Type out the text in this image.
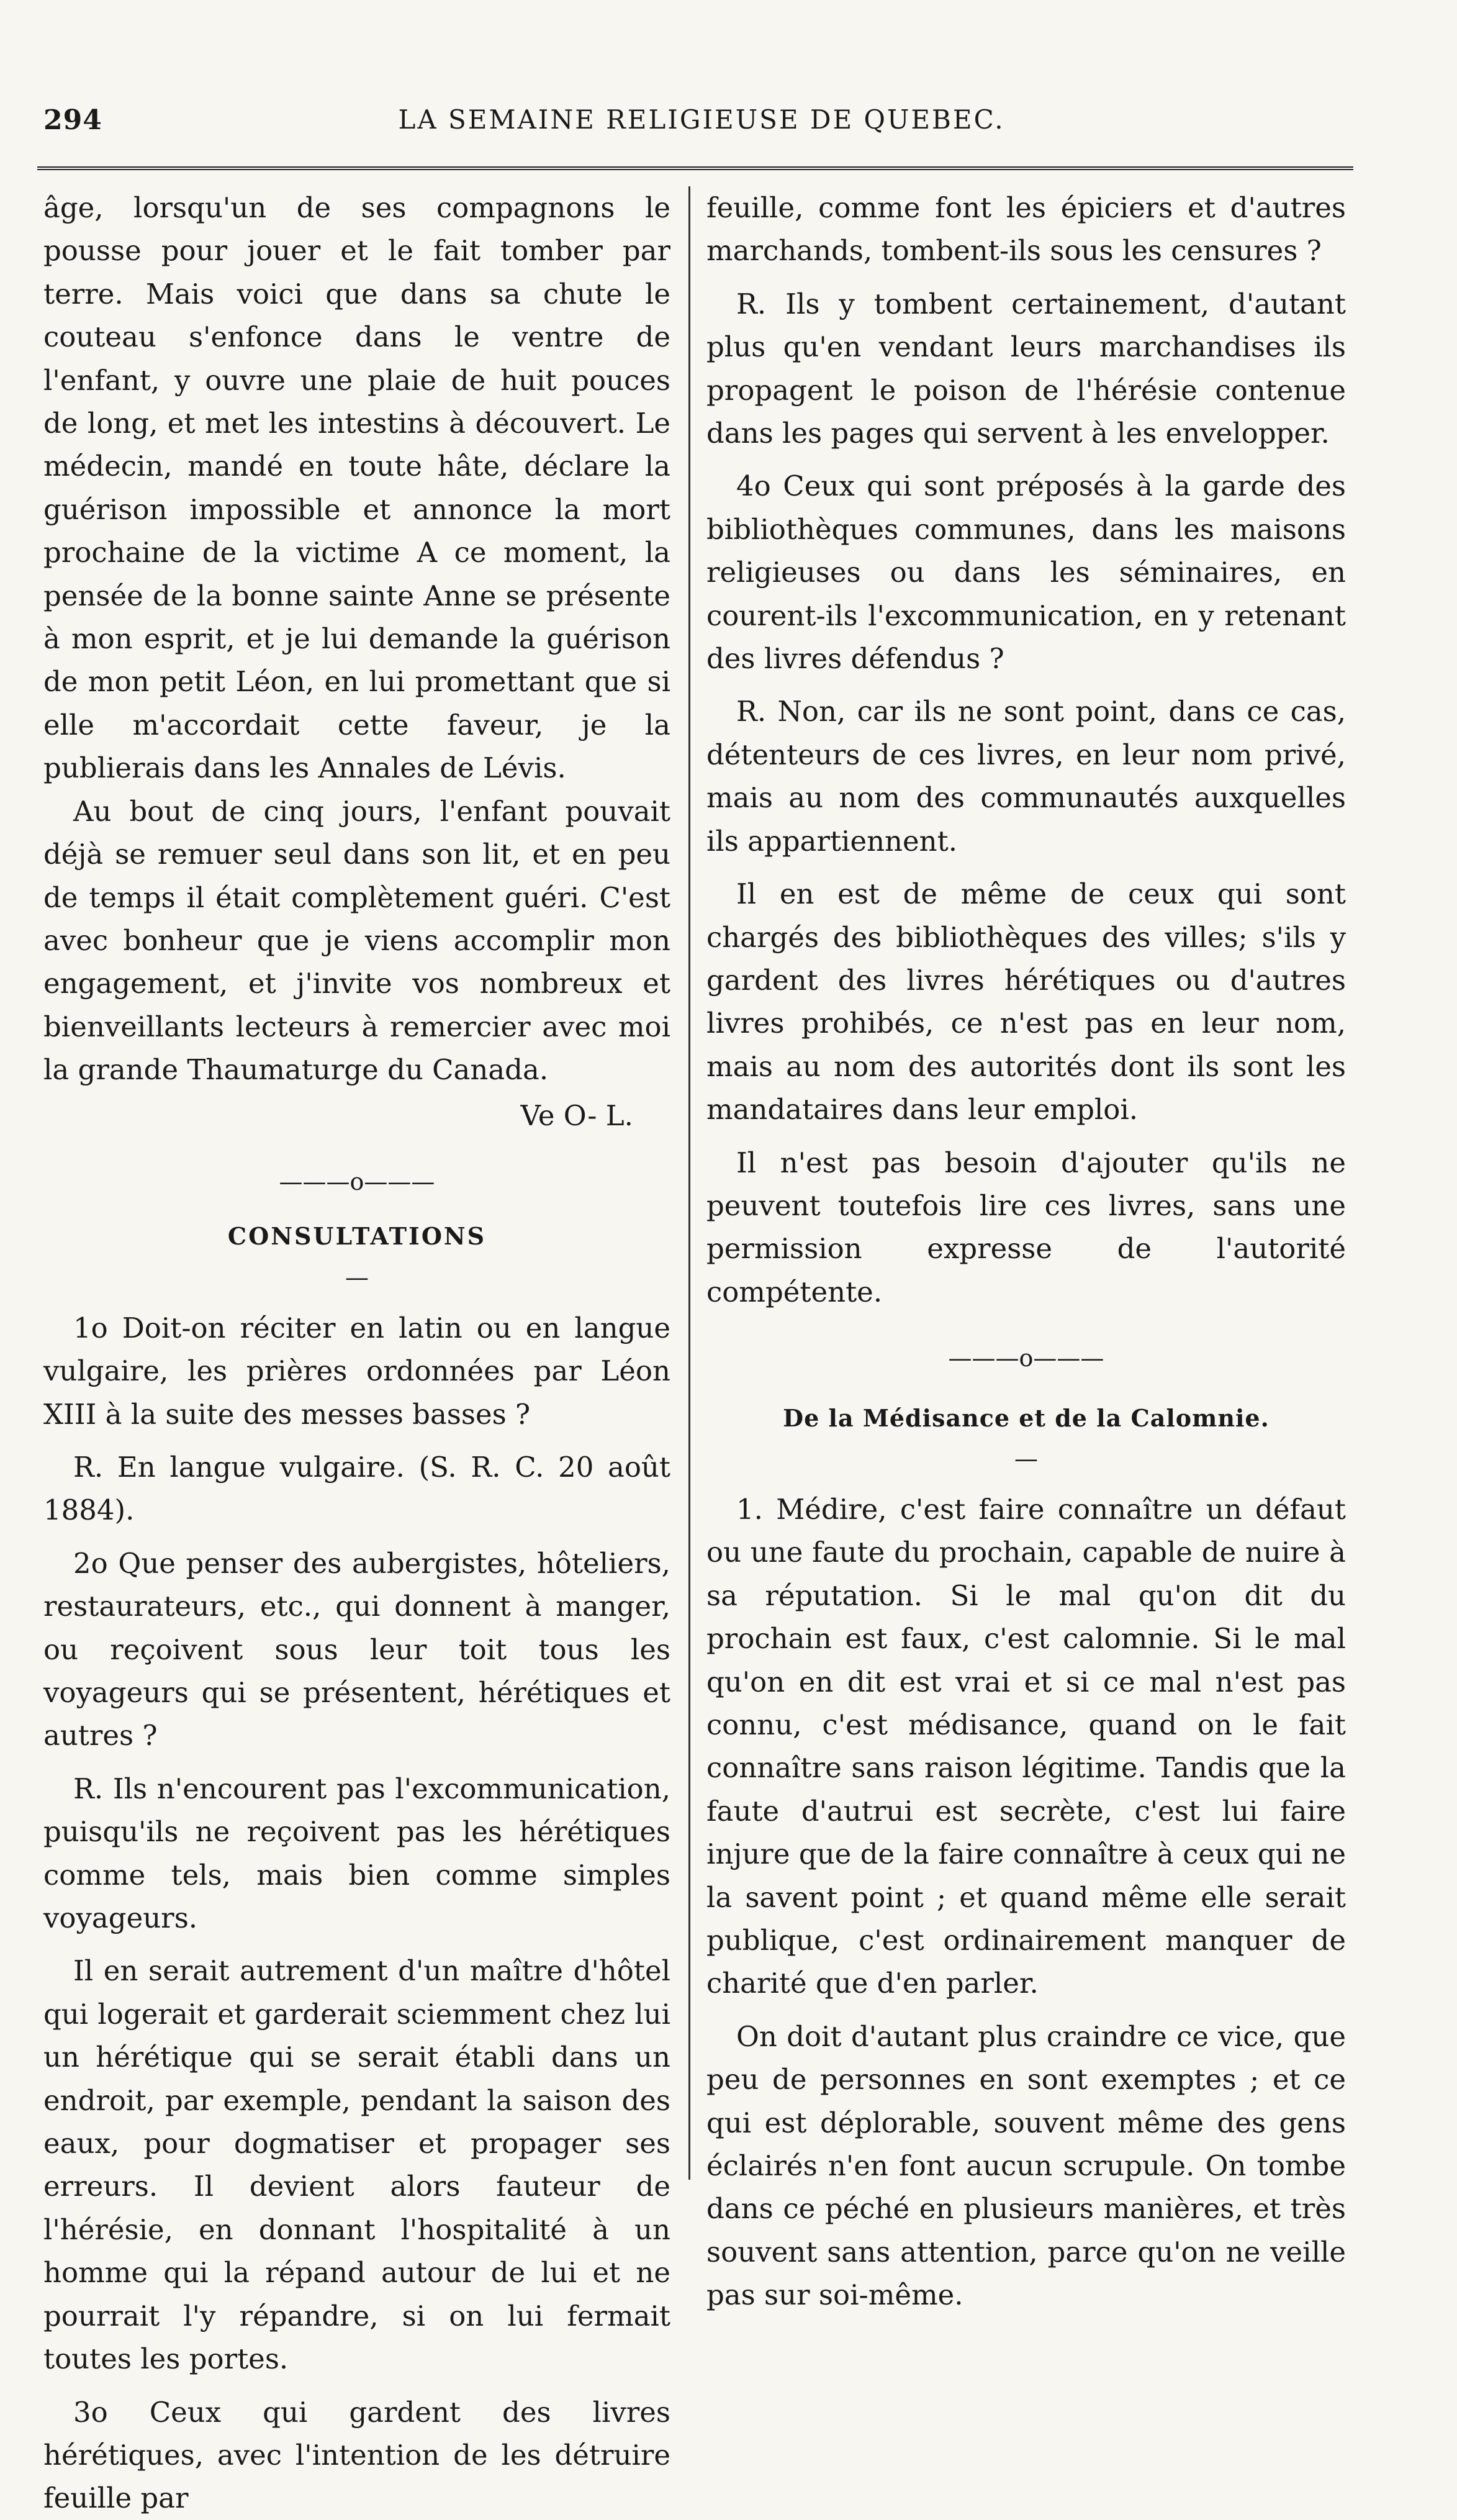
294	LA SEMAINE RELIGIEUSE DE QUEBEC.

âge, lorsqu'un de ses compagnons le pousse pour jouer et le fait tomber par terre. Mais voici que dans sa chute le couteau s'enfonce dans le ventre de l'enfant, y ouvre une plaie de huit pouces de long, et met les intestins à découvert. Le médecin, mandé en toute hâte, déclare la guérison impossible et annonce la mort prochaine de la victime A ce moment, la pensée de la bonne sainte Anne se présente à mon esprit, et je lui demande la guérison de mon petit Léon, en lui promettant que si elle m'accordait cette faveur, je la publierais dans les Annales de Lévis.

Au bout de cinq jours, l'enfant pouvait déjà se remuer seul dans son lit, et en peu de temps il était complètement guéri. C'est avec bonheur que je viens accomplir mon engagement, et j'invite vos nombreux et bienveillants lecteurs à remercier avec moi la grande Thaumaturge du Canada.

Ve O- L.
———o———
CONSULTATIONS
—

1o Doit-on réciter en latin ou en langue vulgaire, les prières ordonnées par Léon XIII à la suite des messes basses ?

R. En langue vulgaire. (S. R. C. 20 août 1884).

2o Que penser des aubergistes, hôteliers, restaurateurs, etc., qui donnent à manger, ou reçoivent sous leur toit tous les voyageurs qui se présentent, hérétiques et autres ?

R. Ils n'encourent pas l'excommunication, puisqu'ils ne reçoivent pas les hérétiques comme tels, mais bien comme simples voyageurs.

Il en serait autrement d'un maître d'hôtel qui logerait et garderait sciemment chez lui un hérétique qui se serait établi dans un endroit, par exemple, pendant la saison des eaux, pour dogmatiser et propager ses erreurs. Il devient alors fauteur de l'hérésie, en donnant l'hospitalité à un homme qui la répand autour de lui et ne pourrait l'y répandre, si on lui fermait toutes les portes.

3o Ceux qui gardent des livres hérétiques, avec l'intention de les détruire feuille par

feuille, comme font les épiciers et d'autres marchands, tombent-ils sous les censures ?

R. Ils y tombent certainement, d'autant plus qu'en vendant leurs marchandises ils propagent le poison de l'hérésie contenue dans les pages qui servent à les envelopper.

4o Ceux qui sont préposés à la garde des bibliothèques communes, dans les maisons religieuses ou dans les séminaires, en courent-ils l'excommunication, en y retenant des livres défendus ?

R. Non, car ils ne sont point, dans ce cas, détenteurs de ces livres, en leur nom privé, mais au nom des communautés auxquelles ils appartiennent.

Il en est de même de ceux qui sont chargés des bibliothèques des villes; s'ils y gardent des livres hérétiques ou d'autres livres prohibés, ce n'est pas en leur nom, mais au nom des autorités dont ils sont les mandataires dans leur emploi.

Il n'est pas besoin d'ajouter qu'ils ne peuvent toutefois lire ces livres, sans une permission expresse de l'autorité compétente.

———o———
De la Médisance et de la Calomnie.
—

1. Médire, c'est faire connaître un défaut ou une faute du prochain, capable de nuire à sa réputation. Si le mal qu'on dit du prochain est faux, c'est calomnie. Si le mal qu'on en dit est vrai et si ce mal n'est pas connu, c'est médisance, quand on le fait connaître sans raison légitime. Tandis que la faute d'autrui est secrète, c'est lui faire injure que de la faire connaître à ceux qui ne la savent point ; et quand même elle serait publique, c'est ordinairement manquer de charité que d'en parler.

On doit d'autant plus craindre ce vice, que peu de personnes en sont exemptes ; et ce qui est déplorable, souvent même des gens éclairés n'en font aucun scrupule. On tombe dans ce péché en plusieurs manières, et très souvent sans attention, parce qu'on ne veille pas sur soi-même.
